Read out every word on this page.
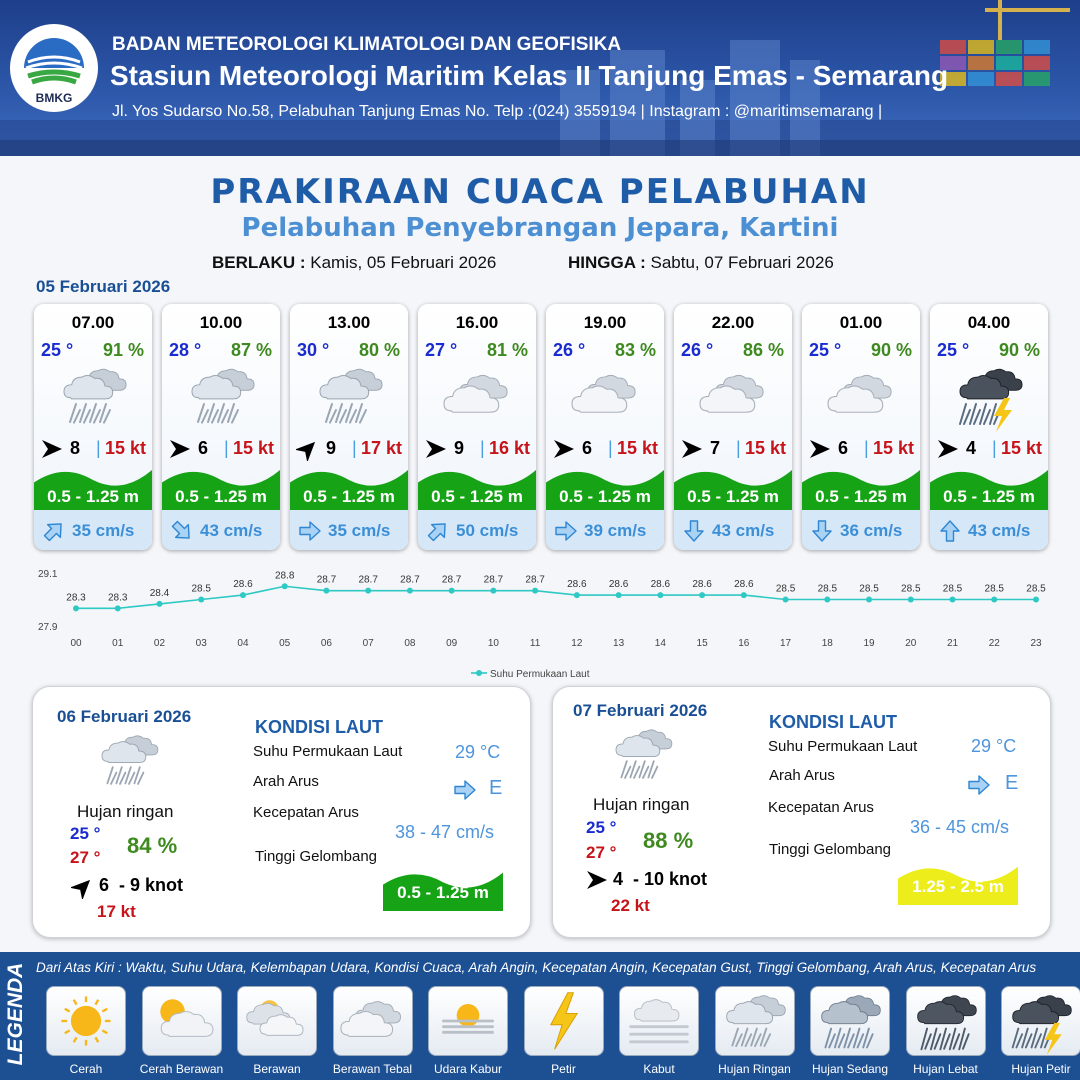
BMKG
BADAN METEOROLOGI KLIMATOLOGI DAN GEOFISIKA
Stasiun Meteorologi Maritim Kelas II Tanjung Emas - Semarang
Jl. Yos Sudarso No.58, Pelabuhan Tanjung Emas No. Telp :(024) 3559194 | Instagram : @maritimsemarang |
PRAKIRAAN CUACA PELABUHAN
Pelabuhan Penyebrangan Jepara, Kartini
BERLAKU : Kamis, 05 Februari 2026	HINGGA : Sabtu, 07 Februari 2026
05 Februari 2026
07.00
25 ° 91 %
8 | 15 kt
0.5 - 1.25 m
35 cm/s
10.00
28 ° 87 %
6 | 15 kt
0.5 - 1.25 m
43 cm/s
13.00
30 ° 80 %
9 | 17 kt
0.5 - 1.25 m
35 cm/s
16.00
27 ° 81 %
9 | 16 kt
0.5 - 1.25 m
50 cm/s
19.00
26 ° 83 %
6 | 15 kt
0.5 - 1.25 m
39 cm/s
22.00
26 ° 86 %
7 | 15 kt
0.5 - 1.25 m
43 cm/s
01.00
25 ° 90 %
6 | 15 kt
0.5 - 1.25 m
36 cm/s
04.00
25 ° 90 %
4 | 15 kt
0.5 - 1.25 m
43 cm/s
29.1
27.9
28.3
00
28.3
01
28.4
02
28.5
03
28.6
04
28.8
05
28.7
06
28.7
07
28.7
08
28.7
09
28.7
10
28.7
11
28.6
12
28.6
13
28.6
14
28.6
15
28.6
16
28.5
17
28.5
18
28.5
19
28.5
20
28.5
21
28.5
22
28.5
23
Suhu Permukaan Laut
06 Februari 2026
Hujan ringan
25 °
27 ° 84 %
6  - 9 knot
17 kt
KONDISI LAUT
Suhu Permukaan Laut	29 °C
Arah Arus	E
Kecepatan Arus
38 - 47 cm/s
Tinggi Gelombang
0.5 - 1.25 m
07 Februari 2026
Hujan ringan
25 °
27 ° 88 %
4  - 10 knot
22 kt
KONDISI LAUT
Suhu Permukaan Laut	29 °C
Arah Arus	E
Kecepatan Arus
36 - 45 cm/s
Tinggi Gelombang
1.25 - 2.5 m
LEGENDA Dari Atas Kiri : Waktu, Suhu Udara, Kelembapan Udara, Kondisi Cuaca, Arah Angin, Kecepatan Angin, Kecepatan Gust, Tinggi Gelombang, Arah Arus, Kecepatan Arus
Cerah	Cerah Berawan	Berawan	Berawan Tebal	Udara Kabur	Petir	Kabut	Hujan Ringan	Hujan Sedang	Hujan Lebat	Hujan Petir
